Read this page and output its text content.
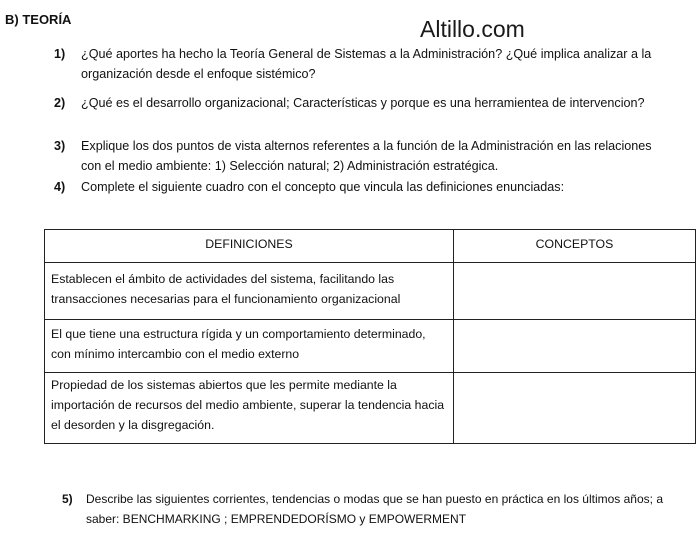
B) TEORÍA	Altillo.com
1) ¿Qué aportes ha hecho la Teoría General de Sistemas a la Administración? ¿Qué implica analizar a la organización desde el enfoque sistémico?
2) ¿Qué es el desarrollo organizacional; Características y porque es una herramientea de intervencion?
3) Explique los dos puntos de vista alternos referentes a la función de la Administración en las relaciones con el medio ambiente: 1) Selección natural; 2) Administración estratégica.
4) Complete el siguiente cuadro con el concepto que vincula las definiciones enunciadas:
DEFINICIONES	CONCEPTOS
Establecen el ámbito de actividades del sistema, facilitando las transacciones necesarias para el funcionamiento organizacional	
El que tiene una estructura rígida y un comportamiento determinado, con mínimo intercambio con el medio externo	
Propiedad de los sistemas abiertos que les permite mediante la importación de recursos del medio ambiente, superar la tendencia hacia el desorden y la disgregación.	
5) Describe las siguientes corrientes, tendencias o modas que se han puesto en práctica en los últimos años; a saber: BENCHMARKING ; EMPRENDEDORÍSMO y EMPOWERMENT
